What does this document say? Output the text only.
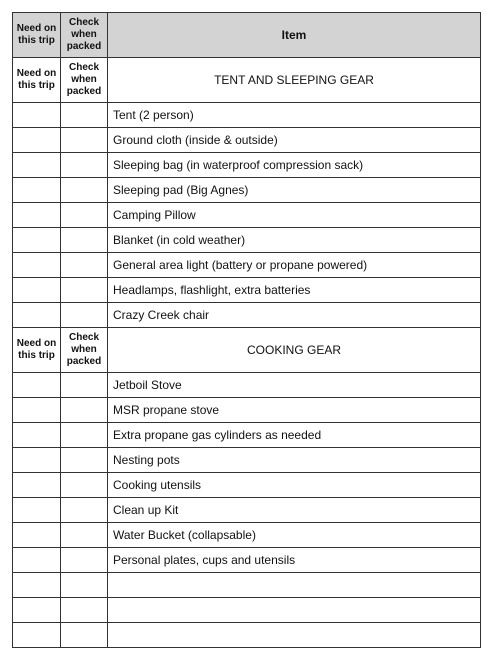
Need on this trip	Check when packed	Item
Need on this trip	Check when packed	TENT AND SLEEPING GEAR
		Tent (2 person)
		Ground cloth (inside & outside)
		Sleeping bag (in waterproof compression sack)
		Sleeping pad (Big Agnes)
		Camping Pillow
		Blanket (in cold weather)
		General area light (battery or propane powered)
		Headlamps, flashlight, extra batteries
		Crazy Creek chair
Need on this trip	Check when packed	COOKING GEAR
		Jetboil Stove
		MSR propane stove
		Extra propane gas cylinders as needed
		Nesting pots
		Cooking utensils
		Clean up Kit
		Water Bucket (collapsable)
		Personal plates, cups and utensils
